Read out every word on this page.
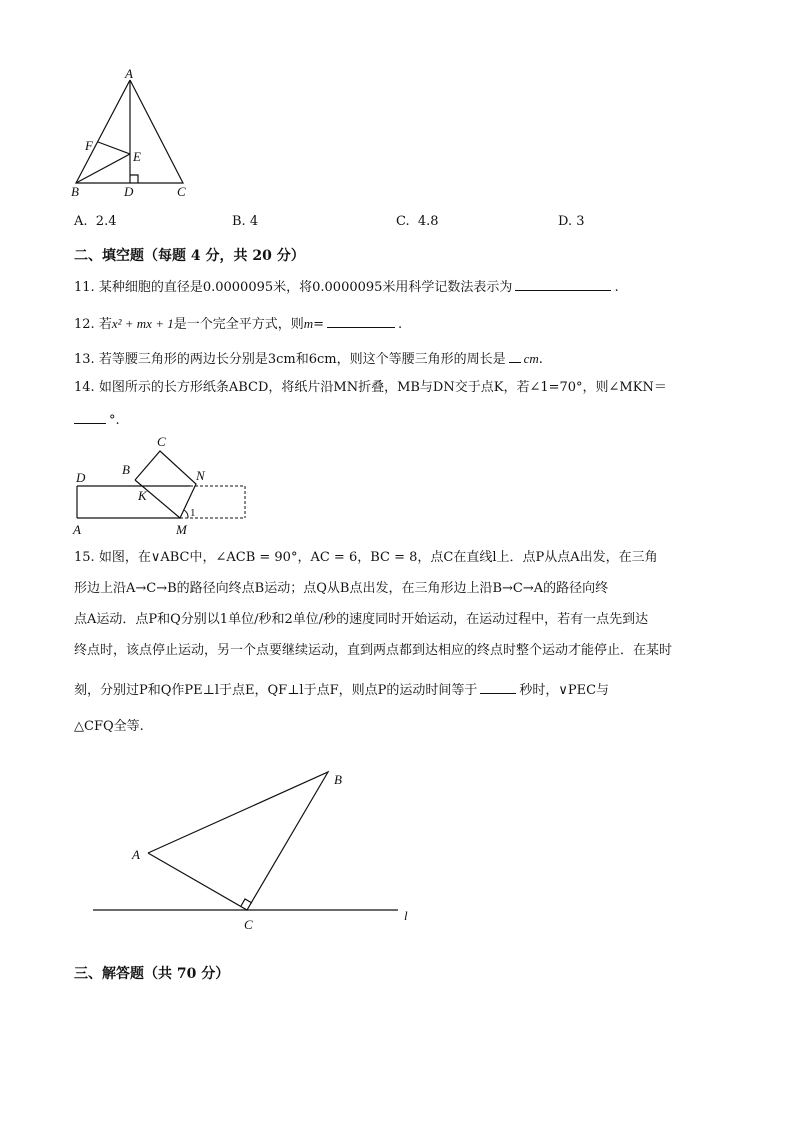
A
F
E
B	D	C
A. 2.4	B. 4	C. 4.8	D. 3
二、填空题（每题 4 分，共 20 分）
11. 某种细胞的直径是0.0000095米，将0.0000095米用科学记数法表示为	.
12. 若x² + mx + 1是一个完全平方式，则m=	.
13. 若等腰三角形的两边长分别是3cm和6cm，则这个等腰三角形的周长是 cm.
14. 如图所示的长方形纸条ABCD，将纸片沿MN折叠，MB与DN交于点K，若∠1=70°，则∠MKN＝
°.
C
B	N
D
K
A	M
1
15. 如图，在∨ABC中，∠ACB = 90°，AC = 6，BC = 8，点C在直线l上．点P从点A出发，在三角
形边上沿A→C→B的路径向终点B运动；点Q从B点出发，在三角形边上沿B→C→A的路径向终
点A运动．点P和Q分别以1单位/秒和2单位/秒的速度同时开始运动，在运动过程中，若有一点先到达
终点时，该点停止运动，另一个点要继续运动，直到两点都到达相应的终点时整个运动才能停止．在某时
刻，分别过P和Q作PE⊥l于点E，QF⊥l于点F，则点P的运动时间等于	秒时，∨PEC与
△CFQ全等.
A
B
C
l
三、解答题（共 70 分）
